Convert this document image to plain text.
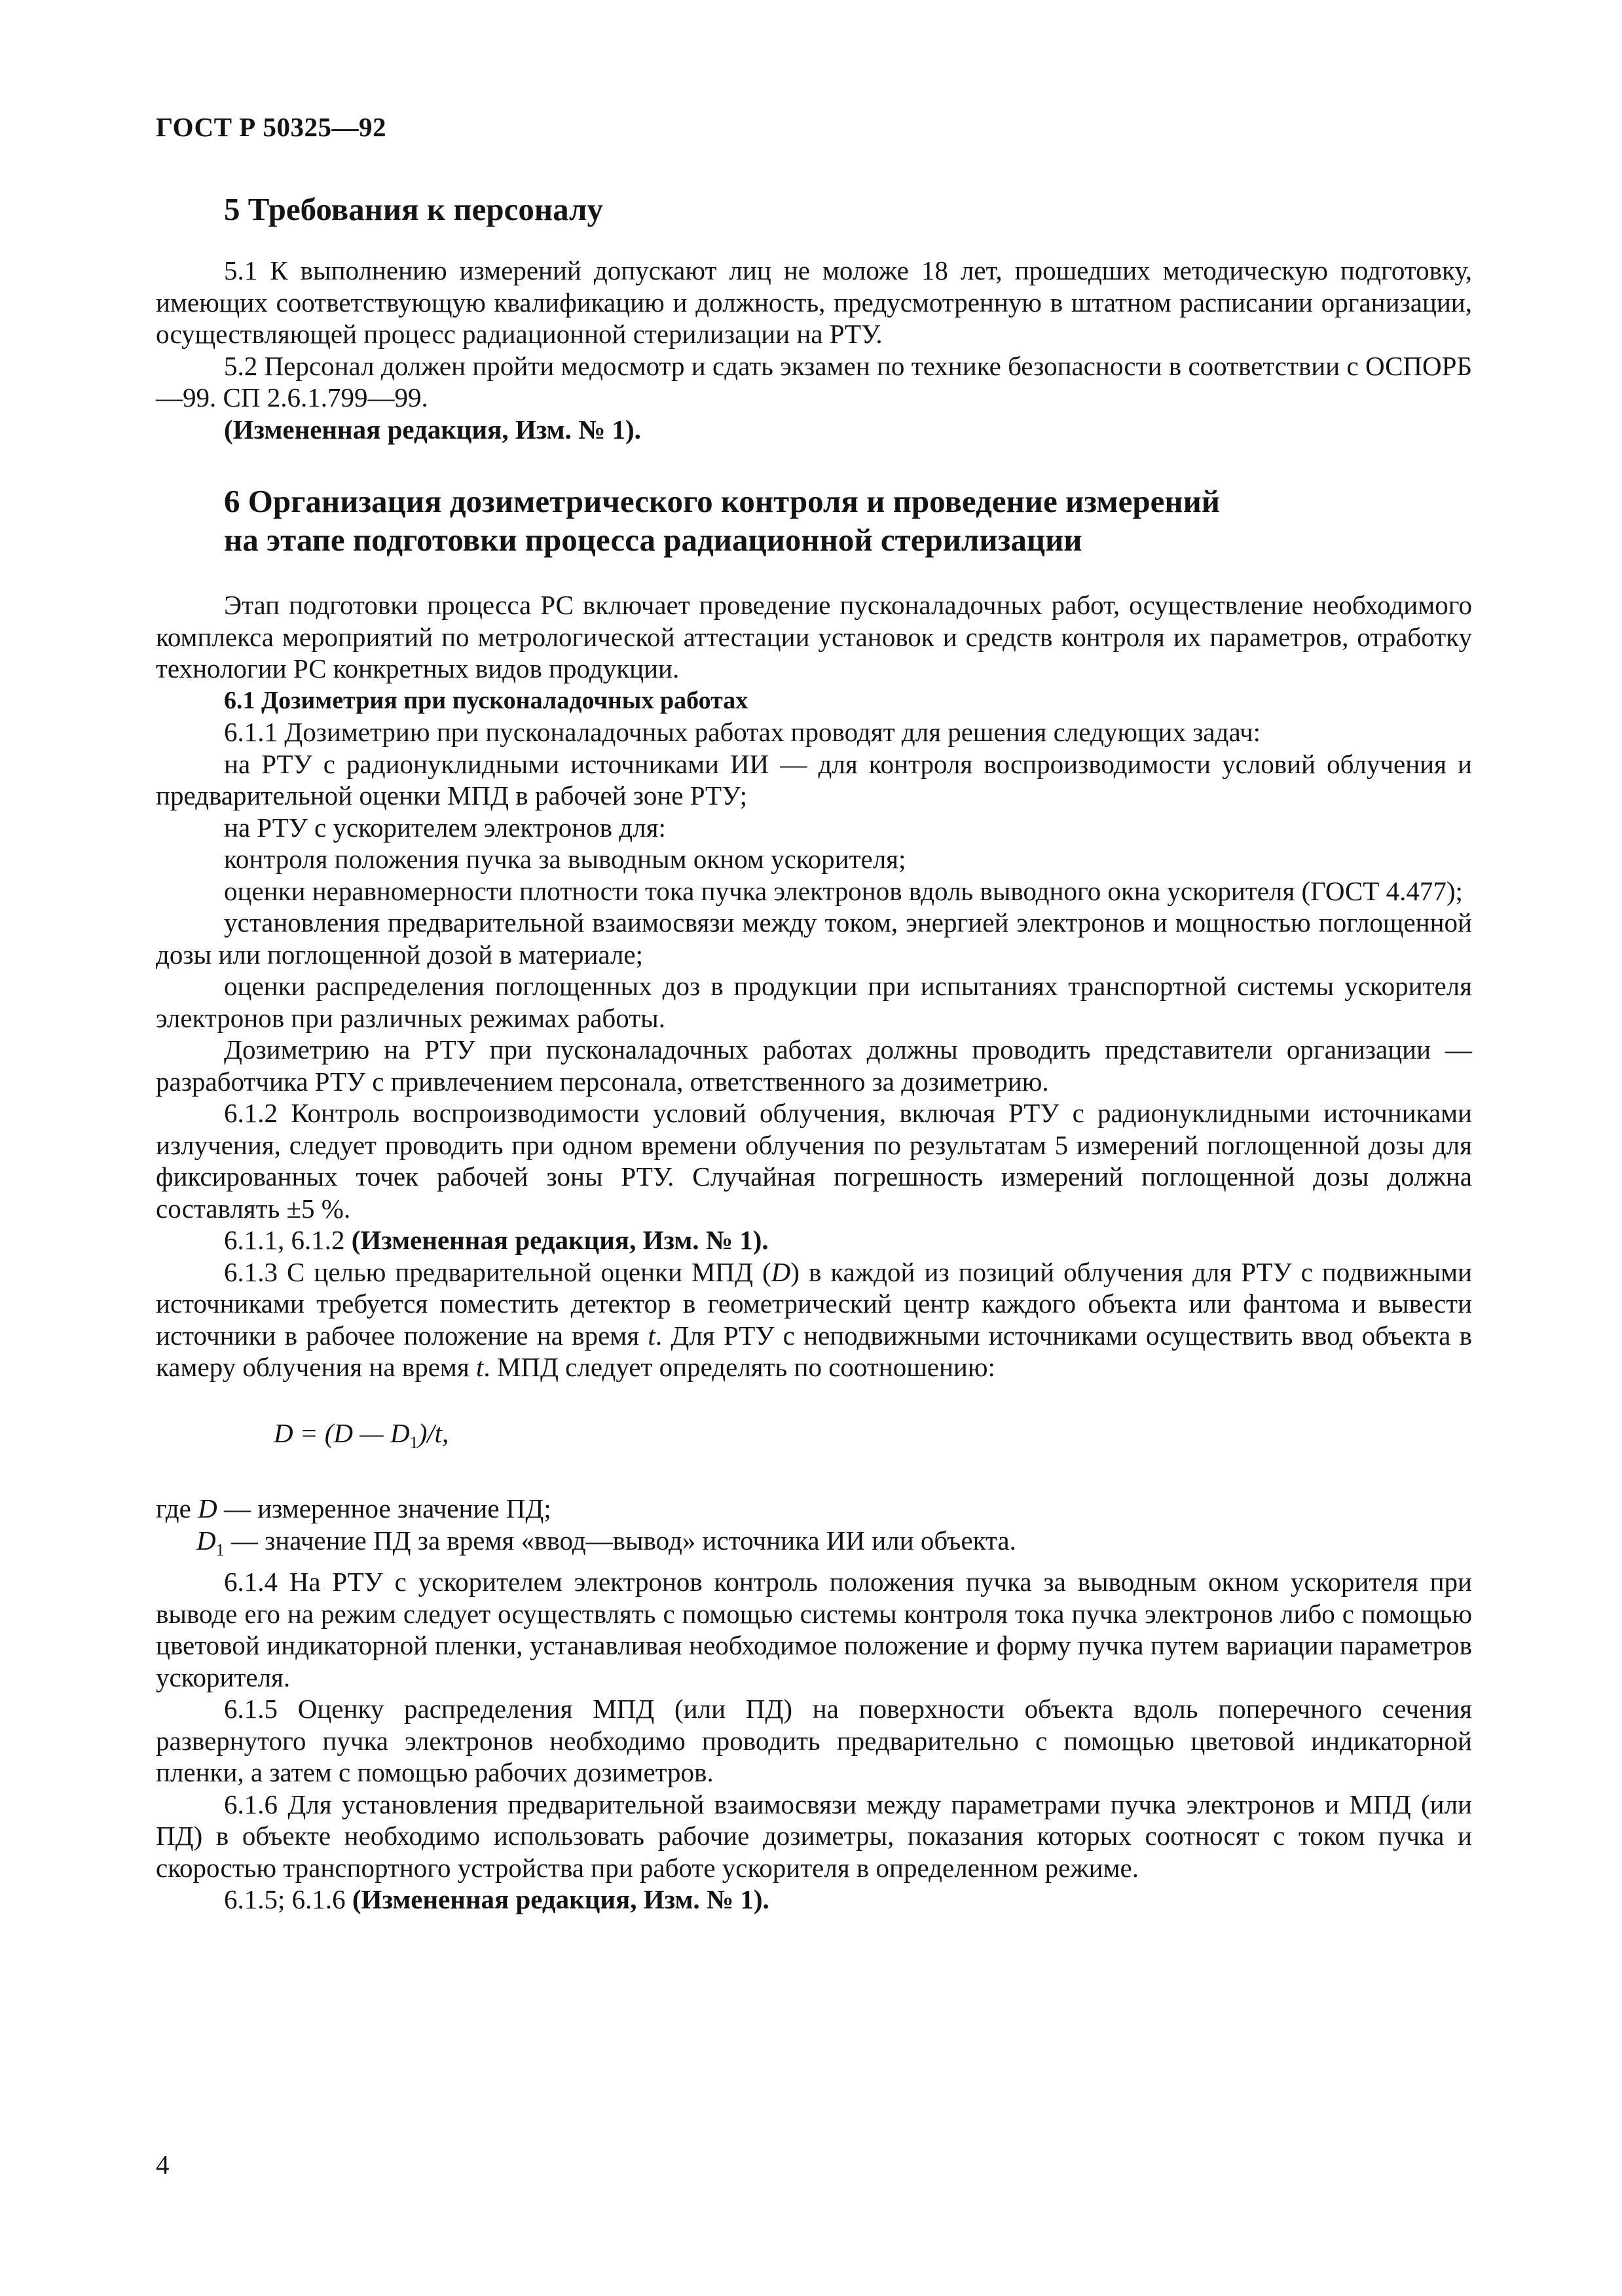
ГОСТ Р 50325—92
5 Требования к персоналу

5.1 К выполнению измерений допускают лиц не моложе 18 лет, прошедших методическую подготовку, имеющих соответствующую квалификацию и должность, предусмотренную в штатном расписании организации, осуществляющей процесс радиационной стерилизации на РТУ.

5.2 Персонал должен пройти медосмотр и сдать экзамен по технике безопасности в соответствии с ОСПОРБ—99. СП 2.6.1.799—99.

(Измененная редакция, Изм. № 1).

6 Организация дозиметрического контроля и проведение измерений
на этапе подготовки процесса радиационной стерилизации

Этап подготовки процесса РС включает проведение пусконаладочных работ, осуществление необходимого комплекса мероприятий по метрологической аттестации установок и средств контроля их параметров, отработку технологии РС конкретных видов продукции.

6.1 Дозиметрия при пусконаладочных работах

6.1.1 Дозиметрию при пусконаладочных работах проводят для решения следующих задач:

на РТУ с радионуклидными источниками ИИ — для контроля воспроизводимости условий облучения и предварительной оценки МПД в рабочей зоне РТУ;

на РТУ с ускорителем электронов для:

контроля положения пучка за выводным окном ускорителя;

оценки неравномерности плотности тока пучка электронов вдоль выводного окна ускорителя (ГОСТ 4.477);

установления предварительной взаимосвязи между током, энергией электронов и мощностью поглощенной дозы или поглощенной дозой в материале;

оценки распределения поглощенных доз в продукции при испытаниях транспортной системы ускорителя электронов при различных режимах работы.

Дозиметрию на РТУ при пусконаладочных работах должны проводить представители организации — разработчика РТУ с привлечением персонала, ответственного за дозиметрию.

6.1.2 Контроль воспроизводимости условий облучения, включая РТУ с радионуклидными источниками излучения, следует проводить при одном времени облучения по результатам 5 измерений поглощенной дозы для фиксированных точек рабочей зоны РТУ. Случайная погрешность измерений поглощенной дозы должна составлять ±5 %.

6.1.1, 6.1.2 (Измененная редакция, Изм. № 1).

6.1.3 С целью предварительной оценки МПД (D) в каждой из позиций облучения для РТУ с подвижными источниками требуется поместить детектор в геометрический центр каждого объекта или фантома и вывести источники в рабочее положение на время t. Для РТУ с неподвижными источниками осуществить ввод объекта в камеру облучения на время t. МПД следует определять по соотношению:

D = (D — $D_1)/t$,

где D — измеренное значение ПД;

$D_1$ — значение ПД за время «ввод—вывод» источника ИИ или объекта.

6.1.4 На РТУ с ускорителем электронов контроль положения пучка за выводным окном ускорителя при выводе его на режим следует осуществлять с помощью системы контроля тока пучка электронов либо с помощью цветовой индикаторной пленки, устанавливая необходимое положение и форму пучка путем вариации параметров ускорителя.

6.1.5 Оценку распределения МПД (или ПД) на поверхности объекта вдоль поперечного сечения развернутого пучка электронов необходимо проводить предварительно с помощью цветовой индикаторной пленки, а затем с помощью рабочих дозиметров.

6.1.6 Для установления предварительной взаимосвязи между параметрами пучка электронов и МПД (или ПД) в объекте необходимо использовать рабочие дозиметры, показания которых соотносят с током пучка и скоростью транспортного устройства при работе ускорителя в определенном режиме.

6.1.5; 6.1.6 (Измененная редакция, Изм. № 1).

4
